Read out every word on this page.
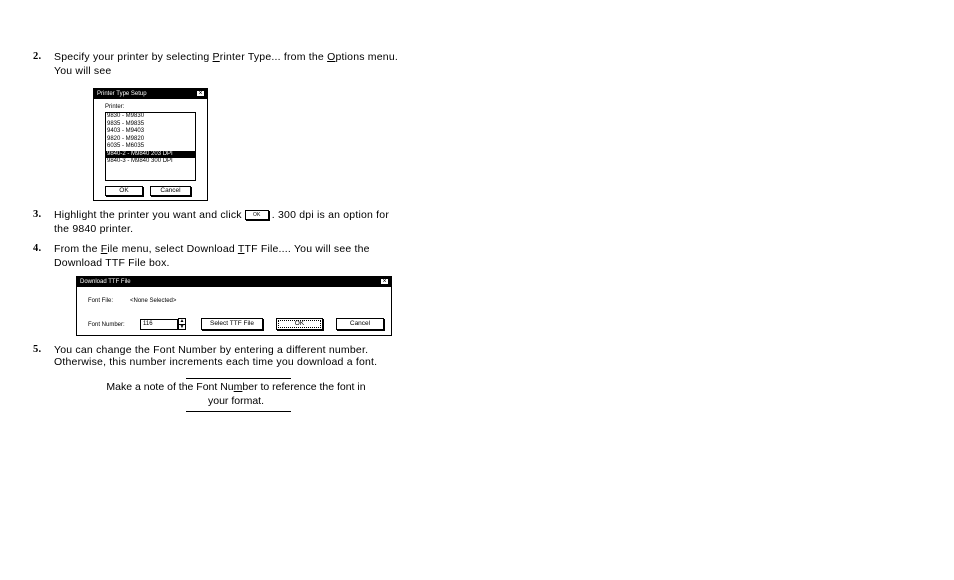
2. Specify your printer by selecting Printer Type... from the Options menu.
You will see
Printer Type Setup	×
Printer:
9830 - M9830
9835 - M9835
9403 - M9403
9820 - M9820
6035 - M6035
9840-2 - M9840 203 DPI
9840-3 - M9840 300 DPI
OK	Cancel
3. Highlight the printer you want and click OK . 300 dpi is an option for
the 9840 printer.
4. From the File menu, select Download TTF File.... You will see the
Download TTF File box.
Download TTF File	×
Font File:	<None Selected>
Font Number:	116	▲
▼	Select TTF File	OK	Cancel
5. You can change the Font Number by entering a different number.
Otherwise, this number increments each time you download a font.
Make a note of the Font Number to reference the font in
your format.
